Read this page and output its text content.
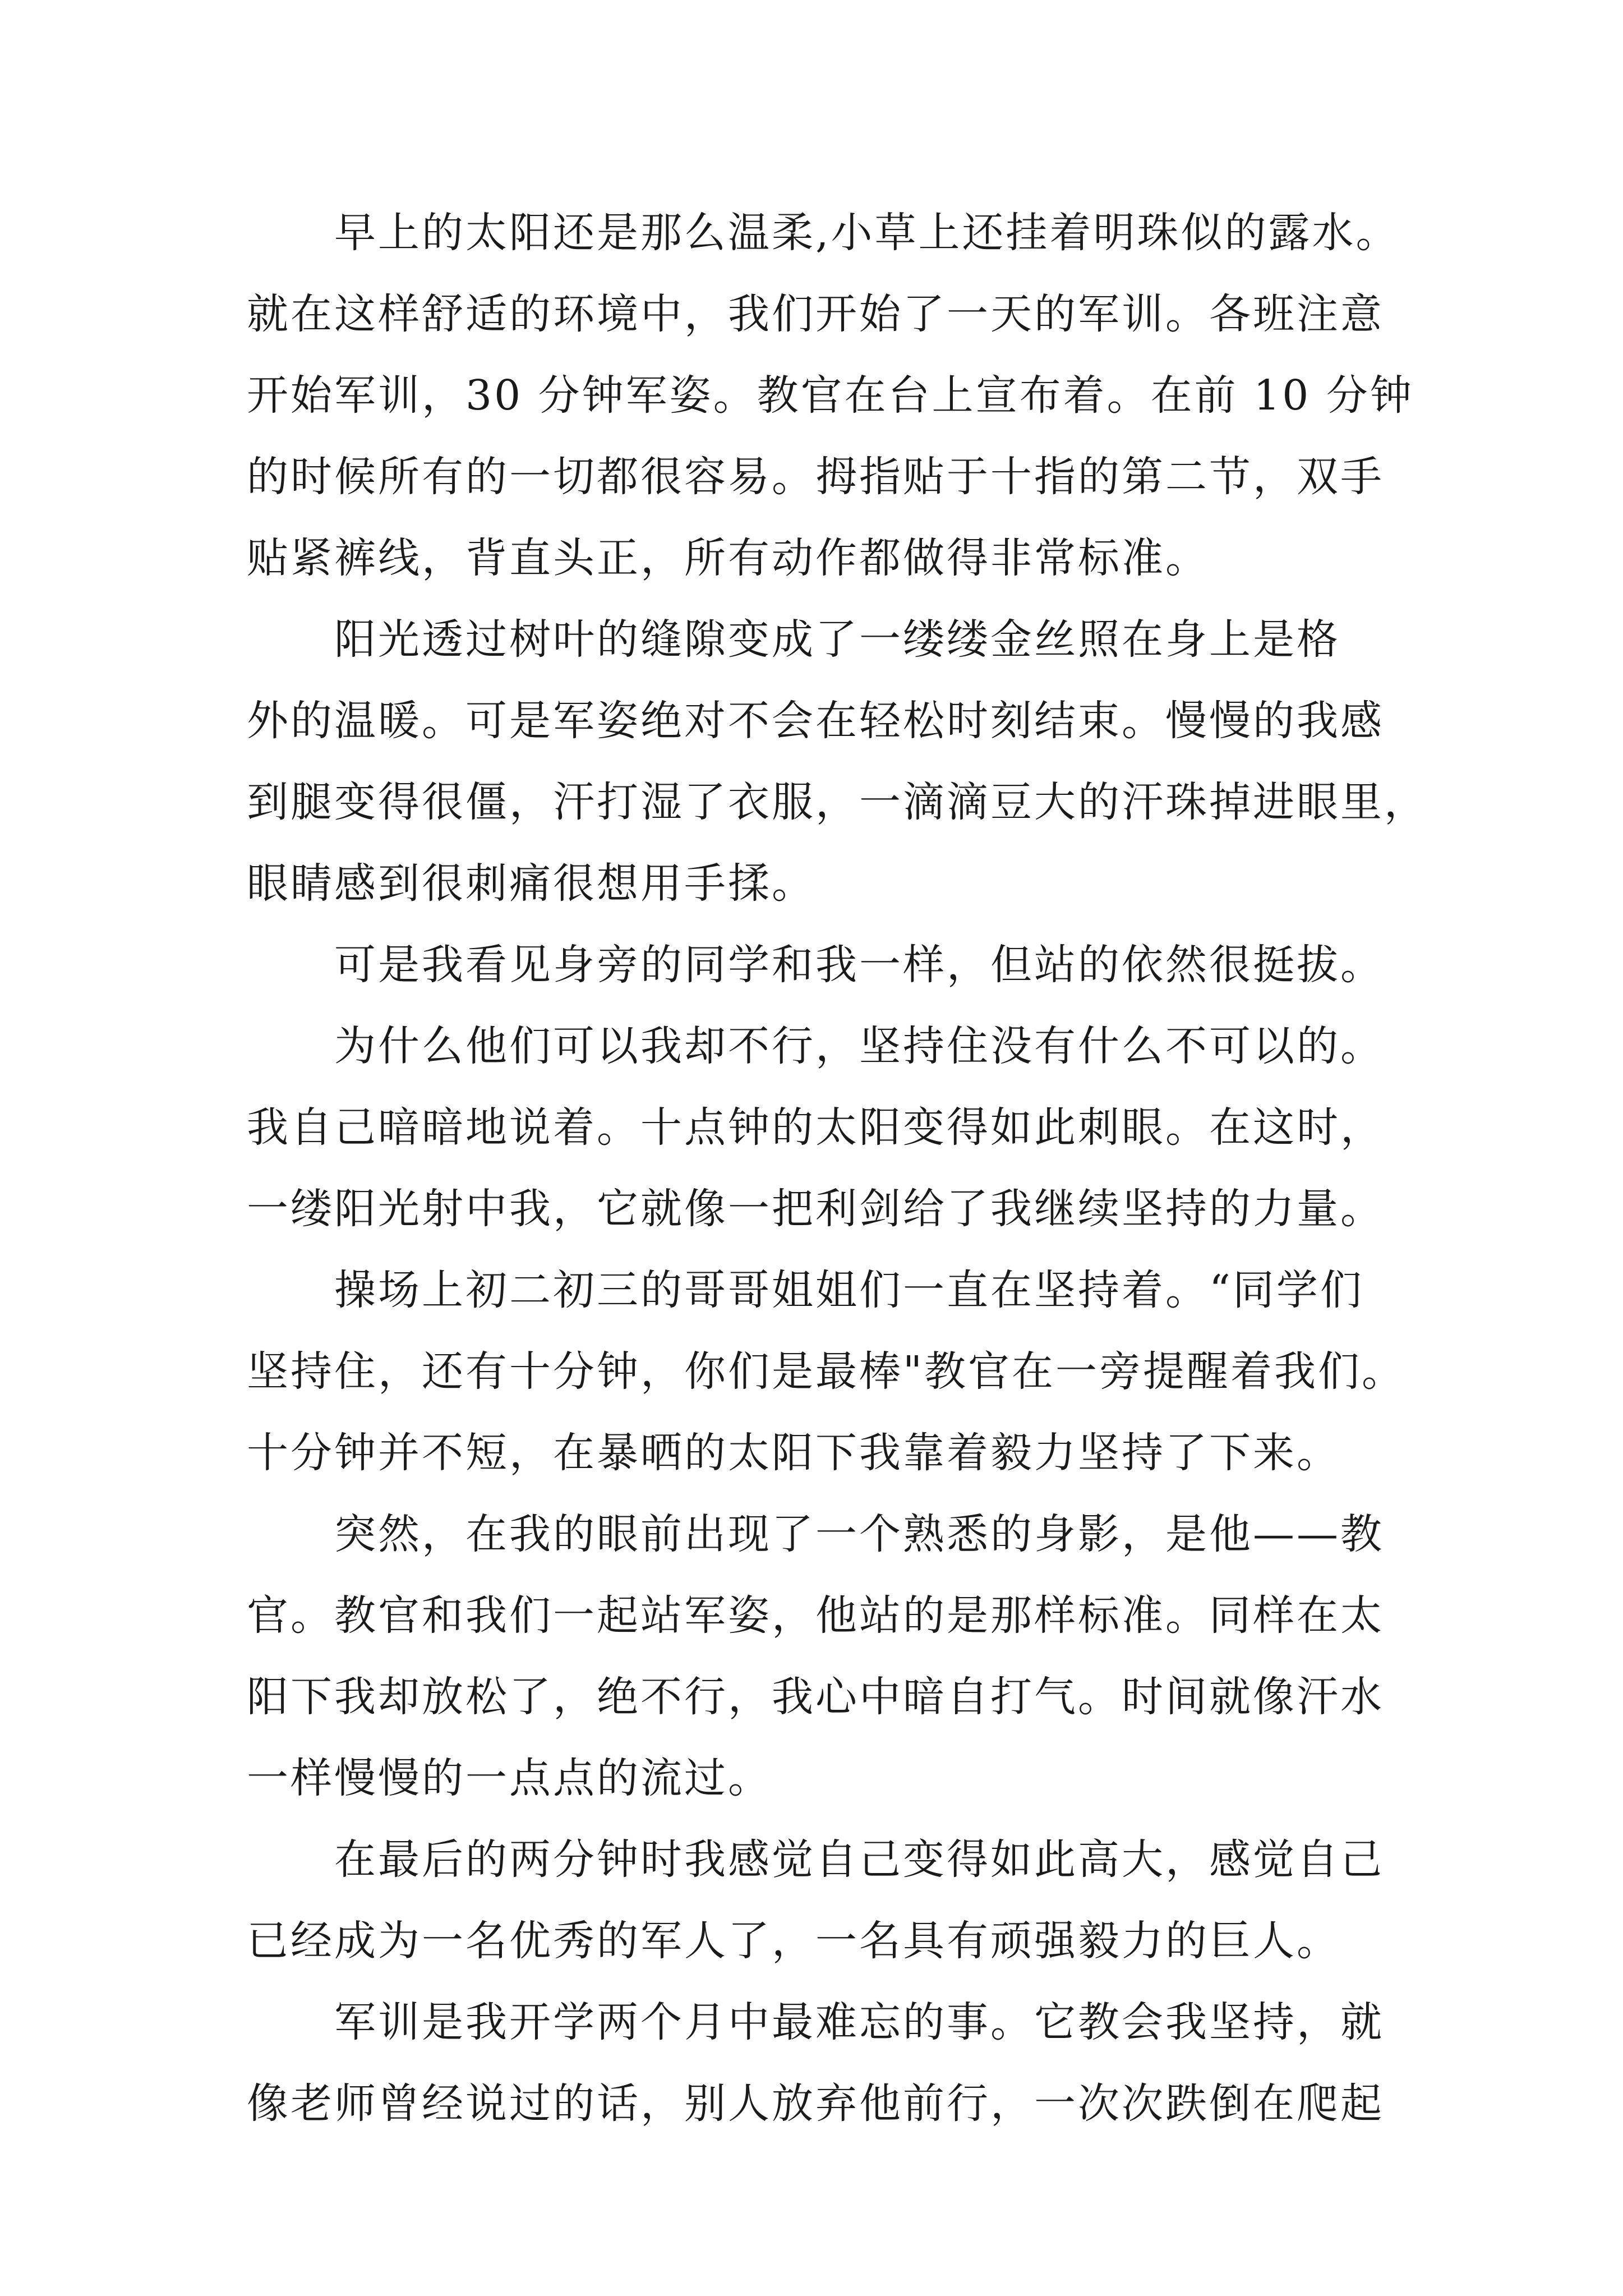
早上的太阳还是那么温柔,小草上还挂着明珠似的露水。
就在这样舒适的环境中，我们开始了一天的军训。各班注意
开始军训，30 分钟军姿。教官在台上宣布着。在前 10 分钟
的时候所有的一切都很容易。拇指贴于十指的第二节，双手
贴紧裤线，背直头正，所有动作都做得非常标准。
阳光透过树叶的缝隙变成了一缕缕金丝照在身上是格
外的温暖。可是军姿绝对不会在轻松时刻结束。慢慢的我感
到腿变得很僵，汗打湿了衣服，一滴滴豆大的汗珠掉进眼里，
眼睛感到很刺痛很想用手揉。
可是我看见身旁的同学和我一样，但站的依然很挺拔。
为什么他们可以我却不行，坚持住没有什么不可以的。
我自己暗暗地说着。十点钟的太阳变得如此刺眼。在这时，
一缕阳光射中我，它就像一把利剑给了我继续坚持的力量。
操场上初二初三的哥哥姐姐们一直在坚持着。“同学们
坚持住，还有十分钟，你们是最棒"教官在一旁提醒着我们。
十分钟并不短，在暴晒的太阳下我靠着毅力坚持了下来。
突然，在我的眼前出现了一个熟悉的身影，是他——教
官。教官和我们一起站军姿，他站的是那样标准。同样在太
阳下我却放松了，绝不行，我心中暗自打气。时间就像汗水
一样慢慢的一点点的流过。
在最后的两分钟时我感觉自己变得如此高大，感觉自己
已经成为一名优秀的军人了，一名具有顽强毅力的巨人。
军训是我开学两个月中最难忘的事。它教会我坚持，就
像老师曾经说过的话，别人放弃他前行，一次次跌倒在爬起
